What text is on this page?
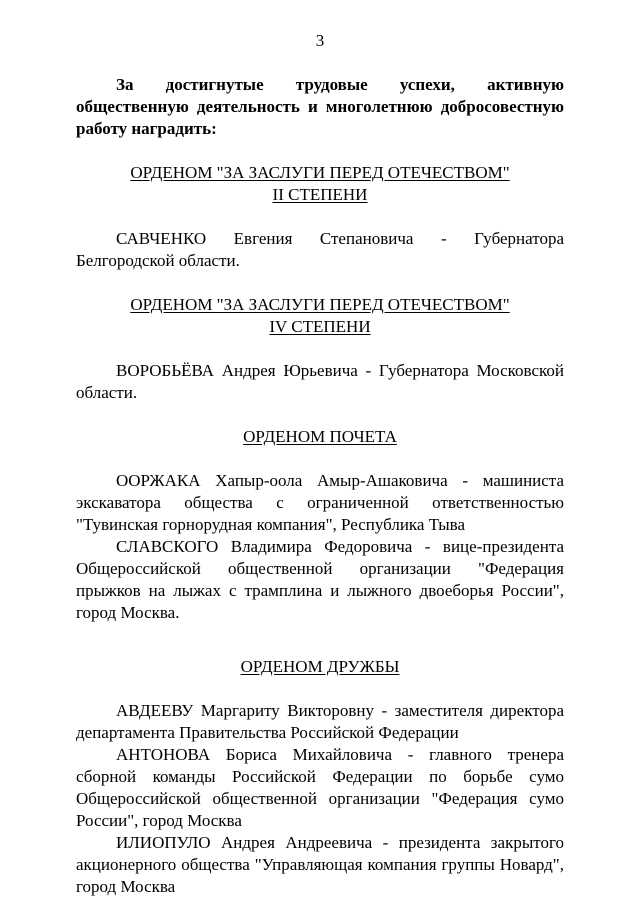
3

За достигнутые трудовые успехи, активную общественную деятельность и многолетнюю добросовестную работу наградить:

ОРДЕНОМ "ЗА ЗАСЛУГИ ПЕРЕД ОТЕЧЕСТВОМ"

II СТЕПЕНИ

САВЧЕНКО Евгения Степановича - Губернатора Белгородской области.

ОРДЕНОМ "ЗА ЗАСЛУГИ ПЕРЕД ОТЕЧЕСТВОМ"

IV СТЕПЕНИ

ВОРОБЬЁВА Андрея Юрьевича - Губернатора Московской области.

ОРДЕНОМ ПОЧЕТА

ООРЖАКА Хапыр-оола Амыр-Ашаковича - машиниста экскаватора общества с ограниченной ответственностью "Тувинская горнорудная компания", Республика Тыва

СЛАВСКОГО Владимира Федоровича - вице-президента Общероссийской общественной организации "Федерация прыжков на лыжах с трамплина и лыжного двоеборья России", город Москва.

ОРДЕНОМ ДРУЖБЫ

АВДЕЕВУ Маргариту Викторовну - заместителя директора департамента Правительства Российской Федерации

АНТОНОВА Бориса Михайловича - главного тренера сборной команды Российской Федерации по борьбе сумо Общероссийской общественной организации "Федерация сумо России", город Москва

ИЛИОПУЛО Андрея Андреевича - президента закрытого акционерного общества "Управляющая компания группы Новард", город Москва
